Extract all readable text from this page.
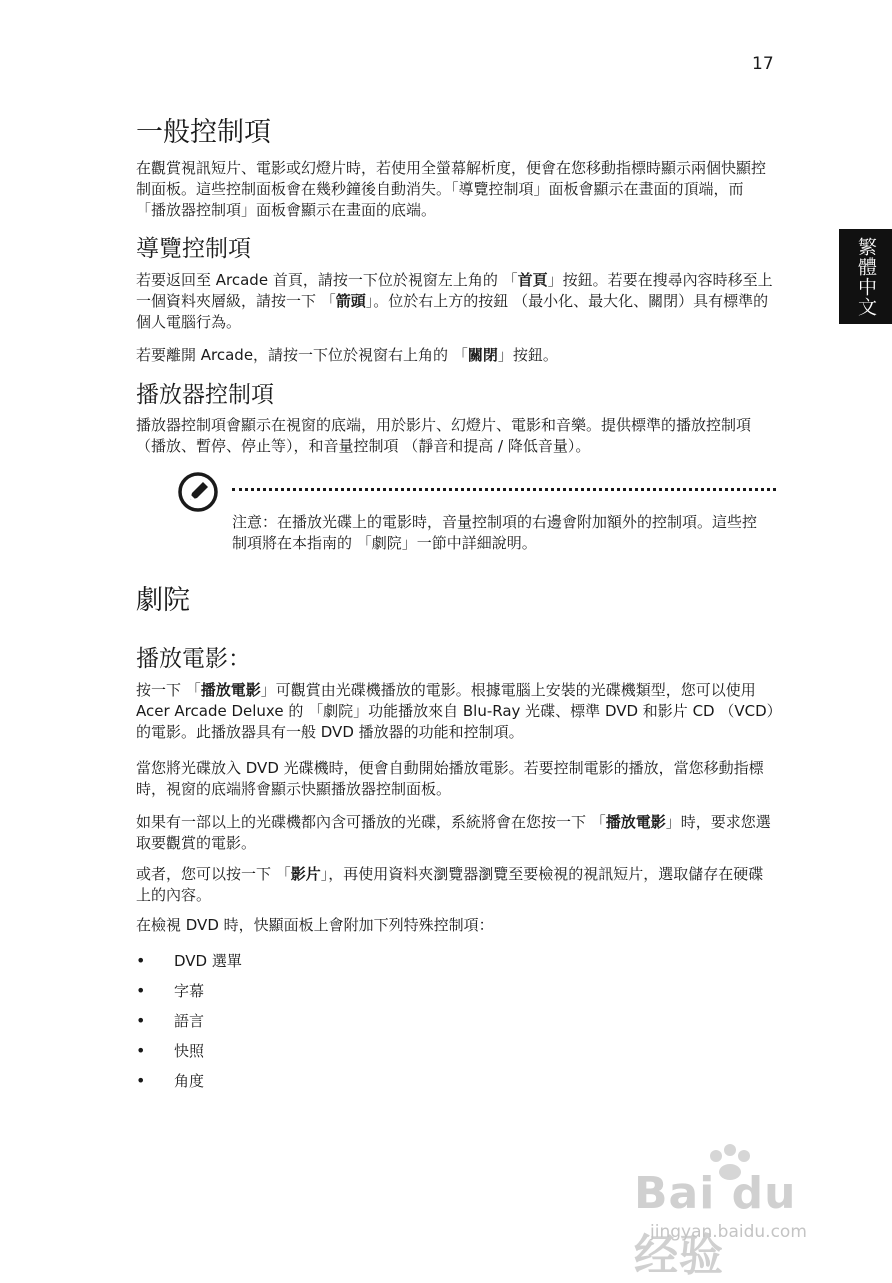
17
繁體中文
一般控制項

在觀賞視訊短片、電影或幻燈片時，若使用全螢幕解析度，便會在您移動指標時顯示兩個快顯控制面板。這些控制面板會在幾秒鐘後自動消失。「導覽控制項」面板會顯示在畫面的頂端，而 「播放器控制項」面板會顯示在畫面的底端。

導覽控制項

若要返回至 Arcade 首頁，請按一下位於視窗左上角的 「首頁」按鈕。若要在搜尋內容時移至上一個資料夾層級，請按一下 「箭頭」。位於右上方的按鈕 （最小化、最大化、關閉）具有標準的個人電腦行為。

若要離開 Arcade，請按一下位於視窗右上角的 「關閉」按鈕。

播放器控制項

播放器控制項會顯示在視窗的底端，用於影片、幻燈片、電影和音樂。提供標準的播放控制項 （播放、暫停、停止等），和音量控制項 （靜音和提高 / 降低音量）。

注意：在播放光碟上的電影時，音量控制項的右邊會附加額外的控制項。這些控制項將在本指南的 「劇院」一節中詳細說明。

劇院
播放電影：

按一下 「播放電影」可觀賞由光碟機播放的電影。根據電腦上安裝的光碟機類型，您可以使用 Acer Arcade Deluxe 的 「劇院」功能播放來自 Blu-Ray 光碟、標準 DVD 和影片 CD （VCD）的電影。此播放器具有一般 DVD 播放器的功能和控制項。

當您將光碟放入 DVD 光碟機時，便會自動開始播放電影。若要控制電影的播放，當您移動指標時，視窗的底端將會顯示快顯播放器控制面板。

如果有一部以上的光碟機都內含可播放的光碟，系統將會在您按一下 「播放電影」時，要求您選取要觀賞的電影。

或者，您可以按一下 「影片」，再使用資料夾瀏覽器瀏覽至要檢視的視訊短片，選取儲存在硬碟上的內容。

在檢視 DVD 時，快顯面板上會附加下列特殊控制項：

•	DVD 選單
•	字幕
•	語言
•	快照
•	角度
Bai du 经验
jingyan.baidu.com
